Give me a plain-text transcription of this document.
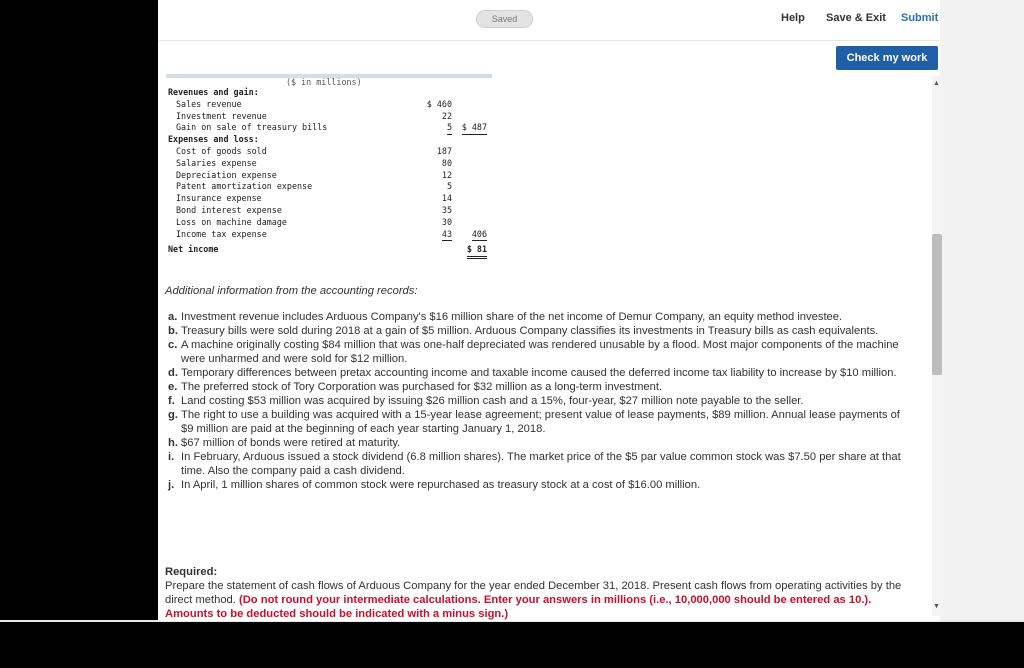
Saved	Help Save & Exit Submit
Check my work
($ in millions)
Revenues and gain:
Sales revenue	$ 460
Investment revenue	22
Gain on sale of treasury bills	5 $ 487
Expenses and loss:
Cost of goods sold	187
Salaries expense	80
Depreciation expense	12
Patent amortization expense	5
Insurance expense	14
Bond interest expense	35
Loss on machine damage	30
Income tax expense	43 406
Net income	$ 81
Additional information from the accounting records:
a. Investment revenue includes Arduous Company's $16 million share of the net income of Demur Company, an equity method investee.
b. Treasury bills were sold during 2018 at a gain of $5 million. Arduous Company classifies its investments in Treasury bills as cash equivalents.
c. A machine originally costing $84 million that was one-half depreciated was rendered unusable by a flood. Most major components of the machine were unharmed and were sold for $12 million.
d. Temporary differences between pretax accounting income and taxable income caused the deferred income tax liability to increase by $10 million.
e. The preferred stock of Tory Corporation was purchased for $32 million as a long-term investment.
f. Land costing $53 million was acquired by issuing $26 million cash and a 15%, four-year, $27 million note payable to the seller.
g. The right to use a building was acquired with a 15-year lease agreement; present value of lease payments, $89 million. Annual lease payments of $9 million are paid at the beginning of each year starting January 1, 2018.
h. $67 million of bonds were retired at maturity.
i. In February, Arduous issued a stock dividend (6.8 million shares). The market price of the $5 par value common stock was $7.50 per share at that time. Also the company paid a cash dividend.
j. In April, 1 million shares of common stock were repurchased as treasury stock at a cost of $16.00 million.
Required:
Prepare the statement of cash flows of Arduous Company for the year ended December 31, 2018. Present cash flows from operating activities by the direct method. (Do not round your intermediate calculations. Enter your answers in millions (i.e., 10,000,000 should be entered as 10.). Amounts to be deducted should be indicated with a minus sign.)
▲
▼
